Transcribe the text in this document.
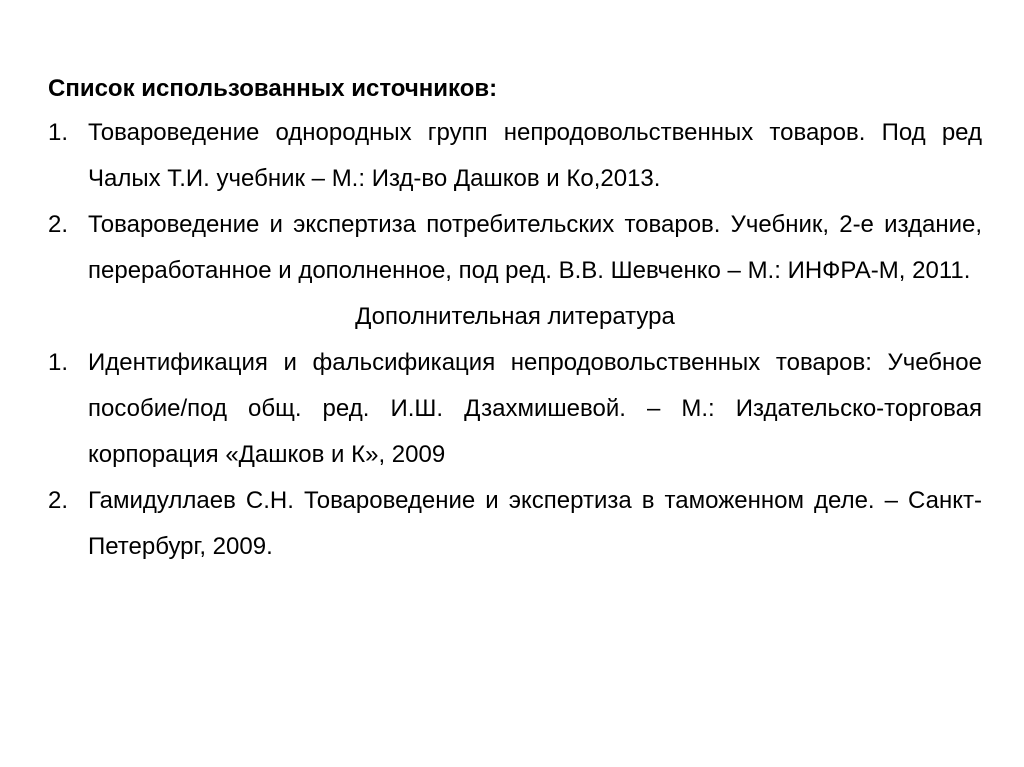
Список использованных источников:

1. Товароведение однородных групп непродовольственных товаров. Под ред Чалых Т.И. учебник – М.: Изд-во Дашков и Ко,2013.
2. Товароведение и экспертиза потребительских товаров. Учебник, 2-е издание, переработанное и дополненное, под ред. В.В. Шевченко – М.: ИНФРА-М, 2011.

Дополнительная литература

1. Идентификация и фальсификация непродовольственных товаров: Учебное пособие/под общ. ред. И.Ш. Дзахмишевой. – М.: Издательско-торговая корпорация «Дашков и К», 2009
2. Гамидуллаев С.Н. Товароведение и экспертиза в таможенном деле. – Санкт-Петербург, 2009.
